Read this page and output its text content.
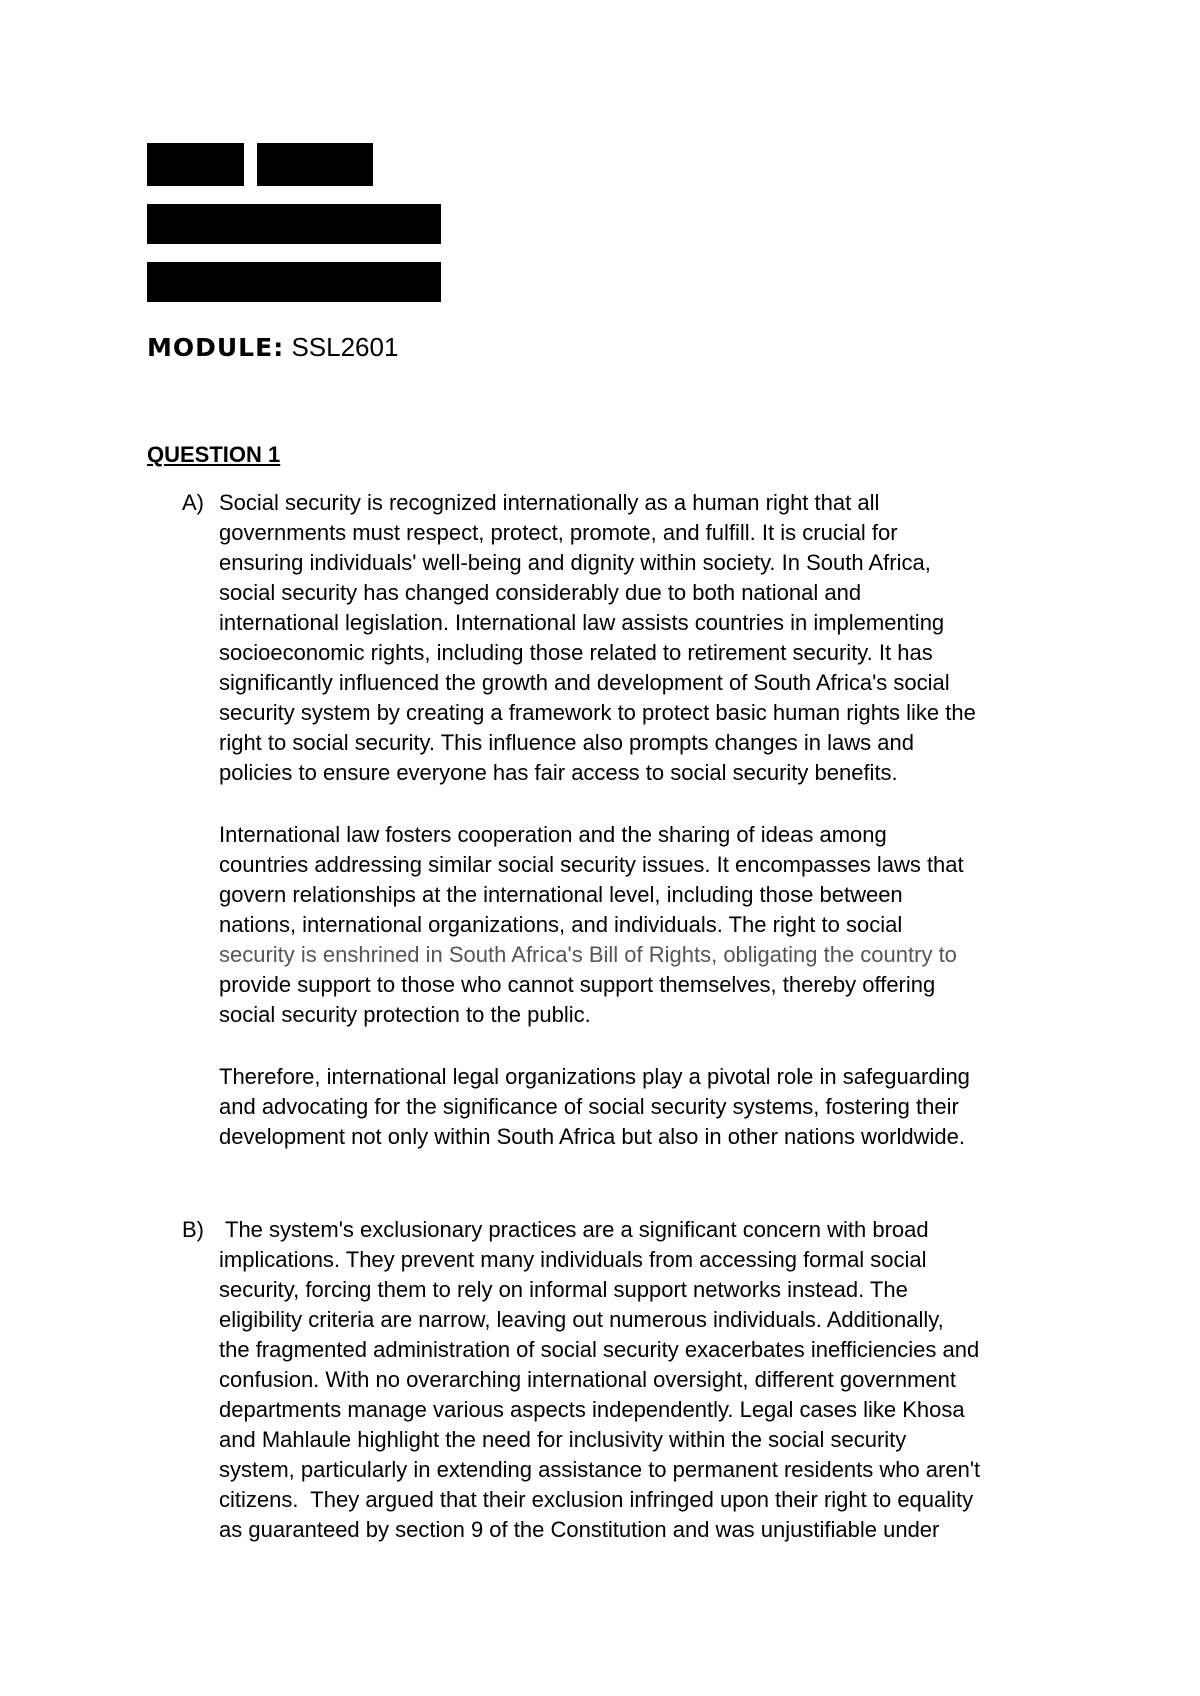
MODULE: SSL2601
QUESTION 1
A) Social security is recognized internationally as a human right that all
governments must respect, protect, promote, and fulfill. It is crucial for
ensuring individuals' well-being and dignity within society. In South Africa,
social security has changed considerably due to both national and
international legislation. International law assists countries in implementing
socioeconomic rights, including those related to retirement security. It has
significantly influenced the growth and development of South Africa's social
security system by creating a framework to protect basic human rights like the
right to social security. This influence also prompts changes in laws and
policies to ensure everyone has fair access to social security benefits.
International law fosters cooperation and the sharing of ideas among
countries addressing similar social security issues. It encompasses laws that
govern relationships at the international level, including those between
nations, international organizations, and individuals. The right to social
security is enshrined in South Africa's Bill of Rights, obligating the country to
provide support to those who cannot support themselves, thereby offering
social security protection to the public.
Therefore, international legal organizations play a pivotal role in safeguarding
and advocating for the significance of social security systems, fostering their
development not only within South Africa but also in other nations worldwide.
B) The system's exclusionary practices are a significant concern with broad
implications. They prevent many individuals from accessing formal social
security, forcing them to rely on informal support networks instead. The
eligibility criteria are narrow, leaving out numerous individuals. Additionally,
the fragmented administration of social security exacerbates inefficiencies and
confusion. With no overarching international oversight, different government
departments manage various aspects independently. Legal cases like Khosa
and Mahlaule highlight the need for inclusivity within the social security
system, particularly in extending assistance to permanent residents who aren't
citizens.  They argued that their exclusion infringed upon their right to equality
as guaranteed by section 9 of the Constitution and was unjustifiable under
